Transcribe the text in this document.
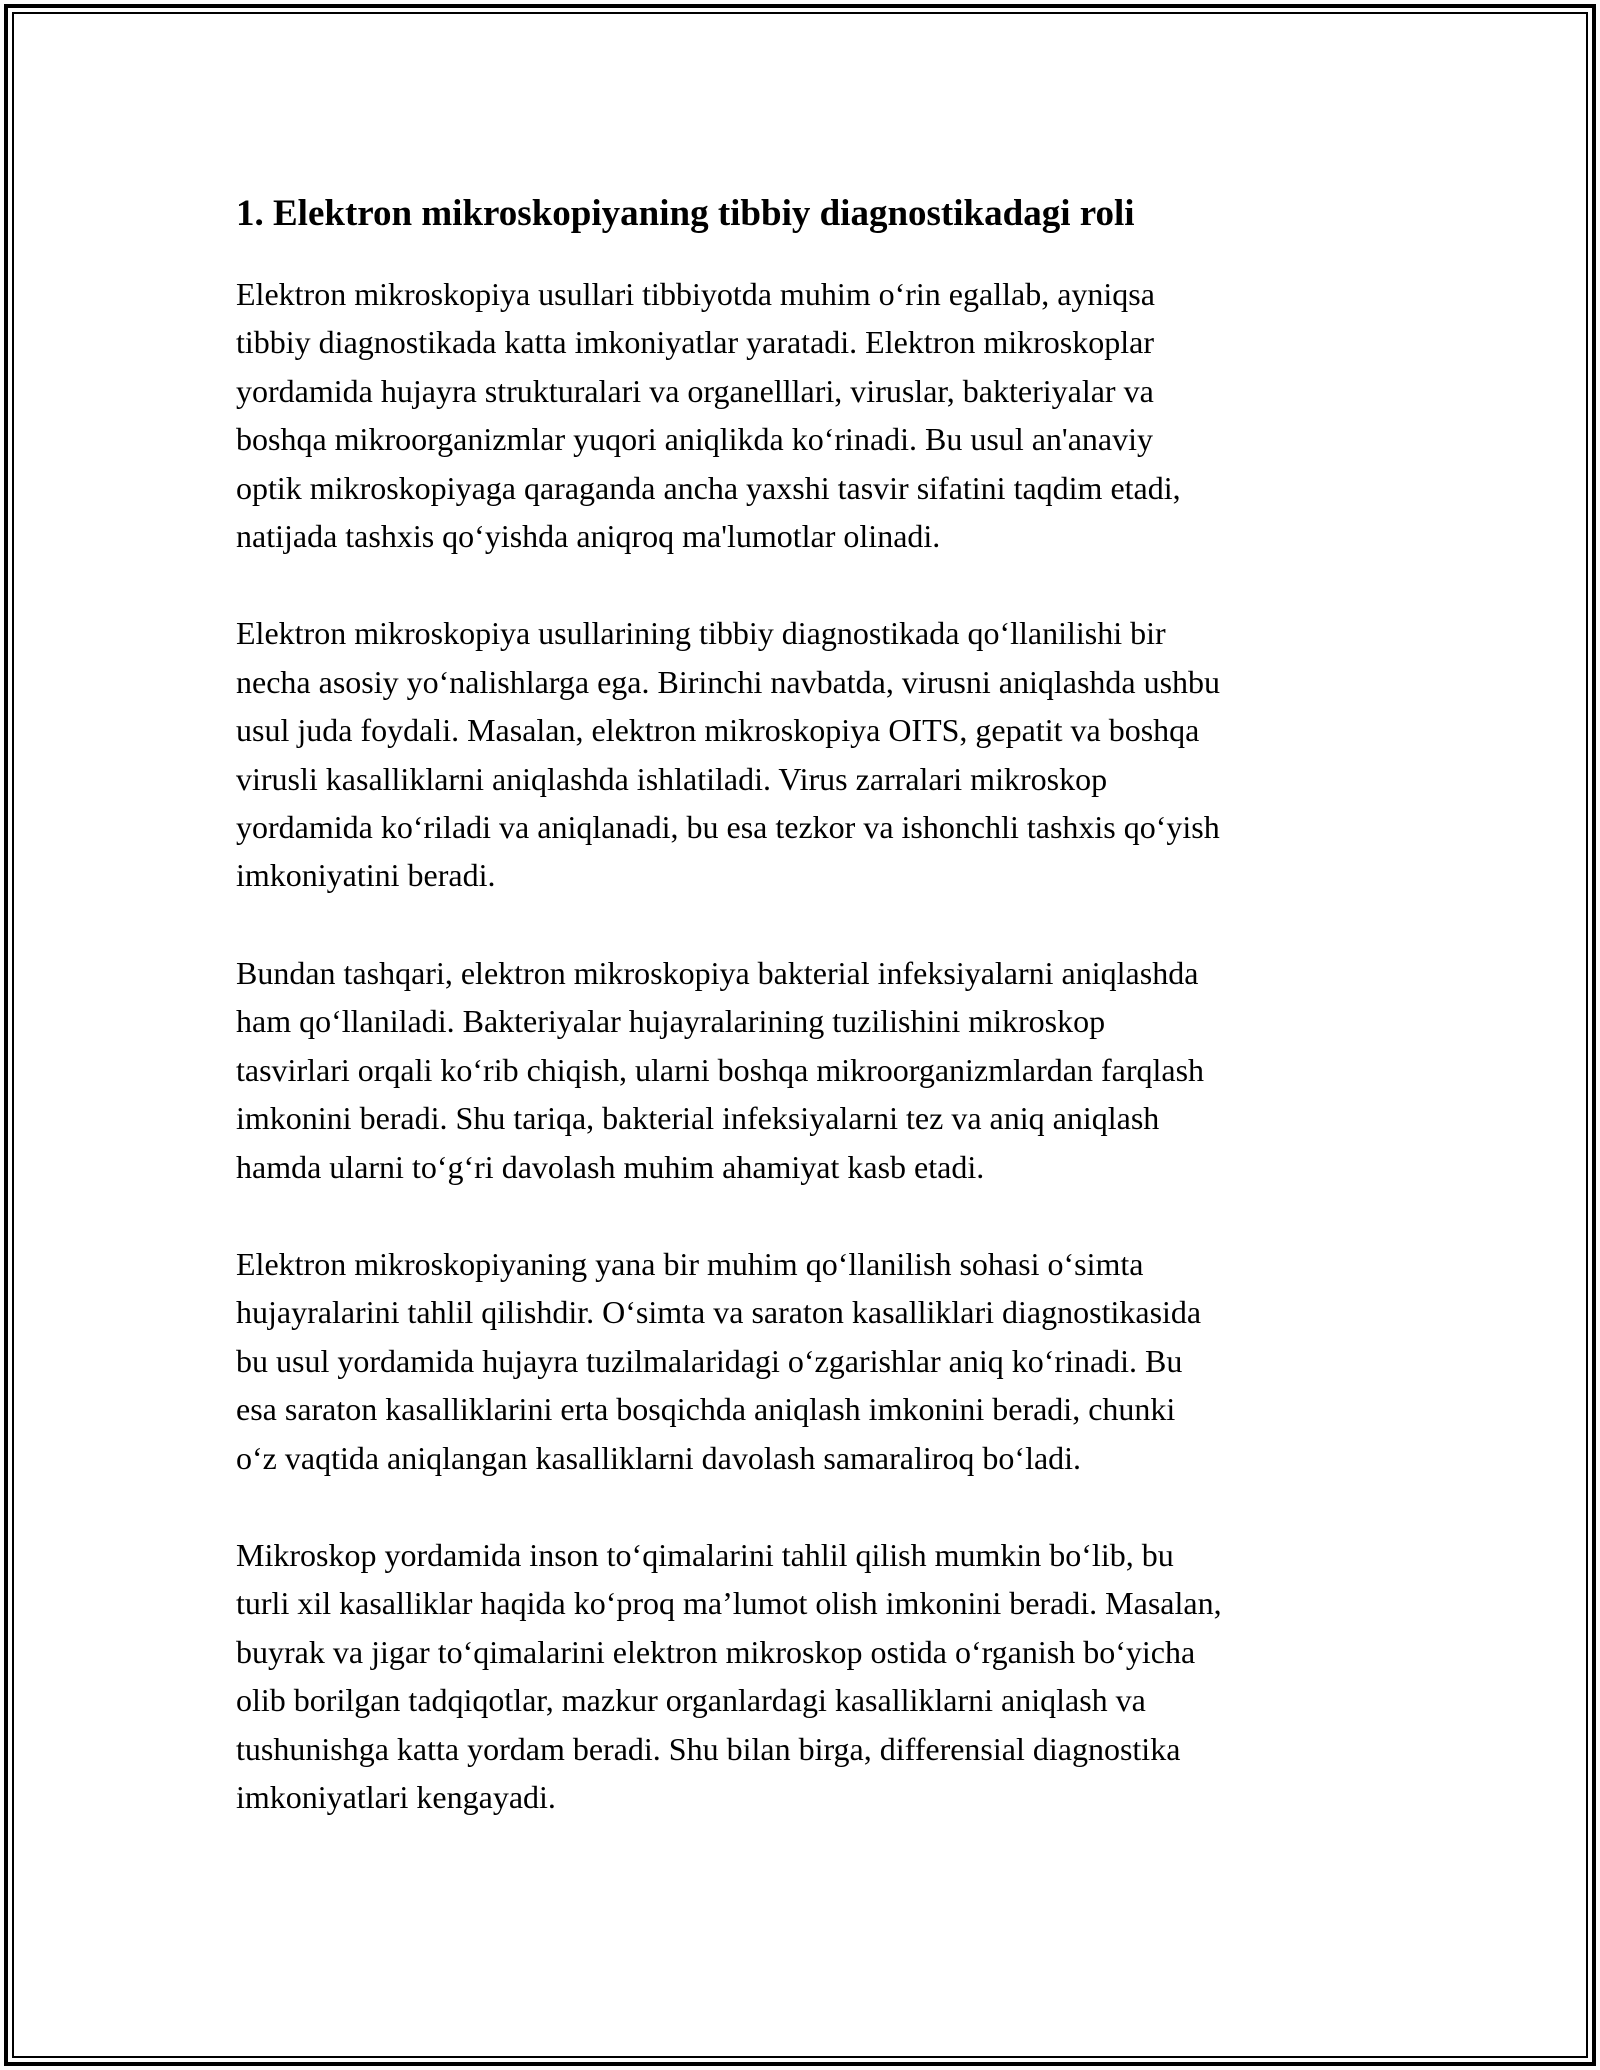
1. Elektron mikroskopiyaning tibbiy diagnostikadagi roli

Elektron mikroskopiya usullari tibbiyotda muhim oʻrin egallab, ayniqsa
tibbiy diagnostikada katta imkoniyatlar yaratadi. Elektron mikroskoplar
yordamida hujayra strukturalari va organelllari, viruslar, bakteriyalar va
boshqa mikroorganizmlar yuqori aniqlikda koʻrinadi. Bu usul an'anaviy
optik mikroskopiyaga qaraganda ancha yaxshi tasvir sifatini taqdim etadi,
natijada tashxis qoʻyishda aniqroq ma'lumotlar olinadi.

Elektron mikroskopiya usullarining tibbiy diagnostikada qoʻllanilishi bir
necha asosiy yoʻnalishlarga ega. Birinchi navbatda, virusni aniqlashda ushbu
usul juda foydali. Masalan, elektron mikroskopiya OITS, gepatit va boshqa
virusli kasalliklarni aniqlashda ishlatiladi. Virus zarralari mikroskop
yordamida koʻriladi va aniqlanadi, bu esa tezkor va ishonchli tashxis qoʻyish
imkoniyatini beradi.

Bundan tashqari, elektron mikroskopiya bakterial infeksiyalarni aniqlashda
ham qoʻllaniladi. Bakteriyalar hujayralarining tuzilishini mikroskop
tasvirlari orqali koʻrib chiqish, ularni boshqa mikroorganizmlardan farqlash
imkonini beradi. Shu tariqa, bakterial infeksiyalarni tez va aniq aniqlash
hamda ularni toʻgʻri davolash muhim ahamiyat kasb etadi.

Elektron mikroskopiyaning yana bir muhim qoʻllanilish sohasi oʻsimta
hujayralarini tahlil qilishdir. Oʻsimta va saraton kasalliklari diagnostikasida
bu usul yordamida hujayra tuzilmalaridagi oʻzgarishlar aniq koʻrinadi. Bu
esa saraton kasalliklarini erta bosqichda aniqlash imkonini beradi, chunki
oʻz vaqtida aniqlangan kasalliklarni davolash samaraliroq boʻladi.

Mikroskop yordamida inson toʻqimalarini tahlil qilish mumkin boʻlib, bu
turli xil kasalliklar haqida koʻproq maʼlumot olish imkonini beradi. Masalan,
buyrak va jigar toʻqimalarini elektron mikroskop ostida oʻrganish boʻyicha
olib borilgan tadqiqotlar, mazkur organlardagi kasalliklarni aniqlash va
tushunishga katta yordam beradi. Shu bilan birga, differensial diagnostika
imkoniyatlari kengayadi.
